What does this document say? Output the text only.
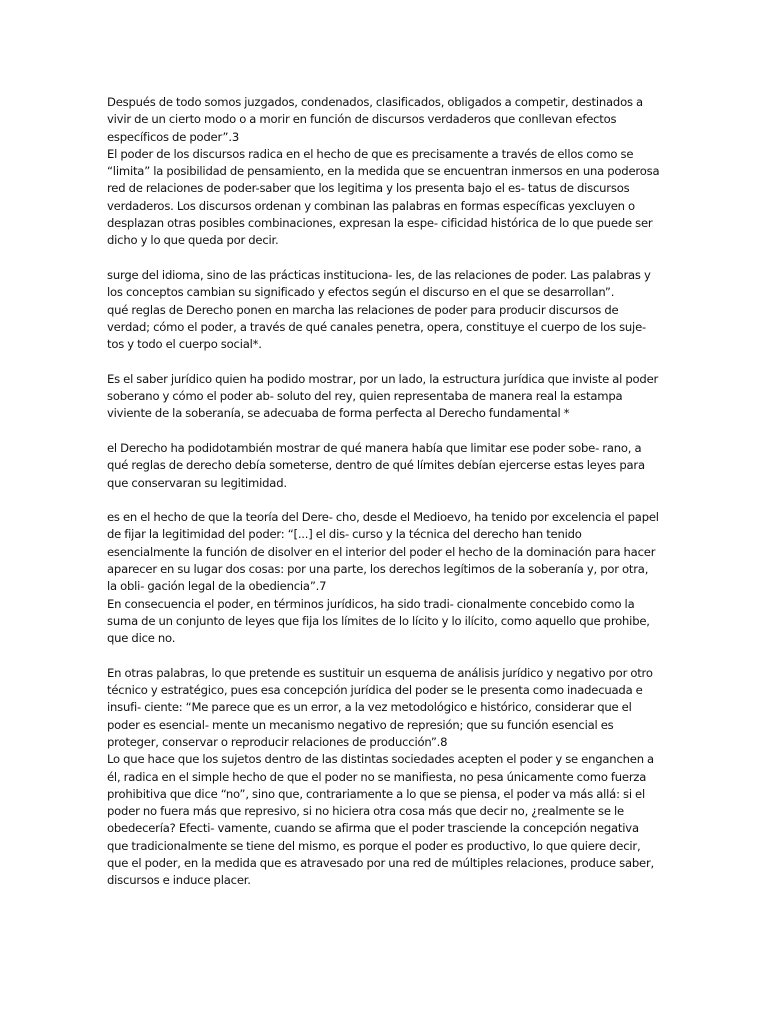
Después de todo somos juzgados, condenados, clasificados, obligados a competir, destinados a vivir de un cierto modo o a morir en función de discursos verdaderos que conllevan efectos específicos de poder”.3

El poder de los discursos radica en el hecho de que es precisamente a través de ellos como se “limita” la posibilidad de pensamiento, en la medida que se encuentran inmersos en una poderosa red de relaciones de poder-saber que los legitima y los presenta bajo el es- tatus de discursos verdaderos. Los discursos ordenan y combinan las palabras en formas específicas yexcluyen o desplazan otras posibles combinaciones, expresan la espe- cificidad histórica de lo que puede ser dicho y lo que queda por decir.

surge del idioma, sino de las prácticas instituciona- les, de las relaciones de poder. Las palabras y los conceptos cambian su significado y efectos según el discurso en el que se desarrollan”.

qué reglas de Derecho ponen en marcha las relaciones de poder para producir discursos de verdad; cómo el poder, a través de qué canales penetra, opera, constituye el cuerpo de los suje- tos y todo el cuerpo social*.

Es el saber jurídico quien ha podido mostrar, por un lado, la estructura jurídica que inviste al poder soberano y cómo el poder ab- soluto del rey, quien representaba de manera real la estampa viviente de la soberanía, se adecuaba de forma perfecta al Derecho fundamental *

el Derecho ha podidotambién mostrar de qué manera había que limitar ese poder sobe- rano, a qué reglas de derecho debía someterse, dentro de qué límites debían ejercerse estas leyes para que conservaran su legitimidad.

es en el hecho de que la teoría del Dere- cho, desde el Medioevo, ha tenido por excelencia el papel de fijar la legitimidad del poder: “[...] el dis- curso y la técnica del derecho han tenido esencialmente la función de disolver en el interior del poder el hecho de la dominación para hacer aparecer en su lugar dos cosas: por una parte, los derechos legítimos de la soberanía y, por otra, la obli- gación legal de la obediencia”.7

En consecuencia el poder, en términos jurídicos, ha sido tradi- cionalmente concebido como la suma de un conjunto de leyes que fija los límites de lo lícito y lo ilícito, como aquello que prohibe, que dice no.

En otras palabras, lo que pretende es sustituir un esquema de análisis jurídico y negativo por otro técnico y estratégico, pues esa concepción jurídica del poder se le presenta como inadecuada e insufi- ciente: “Me parece que es un error, a la vez metodológico e histórico, considerar que el poder es esencial- mente un mecanismo negativo de represión; que su función esencial es proteger, conservar o reproducir relaciones de producción”.8

Lo que hace que los sujetos dentro de las distintas sociedades acepten el poder y se enganchen a él, radica en el simple hecho de que el poder no se manifiesta, no pesa únicamente como fuerza prohibitiva que dice “no”, sino que, contrariamente a lo que se piensa, el poder va más allá: si el poder no fuera más que represivo, si no hiciera otra cosa más que decir no, ¿realmente se le obedecería? Efecti- vamente, cuando se afirma que el poder trasciende la concepción negativa que tradicionalmente se tiene del mismo, es porque el poder es productivo, lo que quiere decir, que el poder, en la medida que es atravesado por una red de múltiples relaciones, produce saber, discursos e induce placer.
